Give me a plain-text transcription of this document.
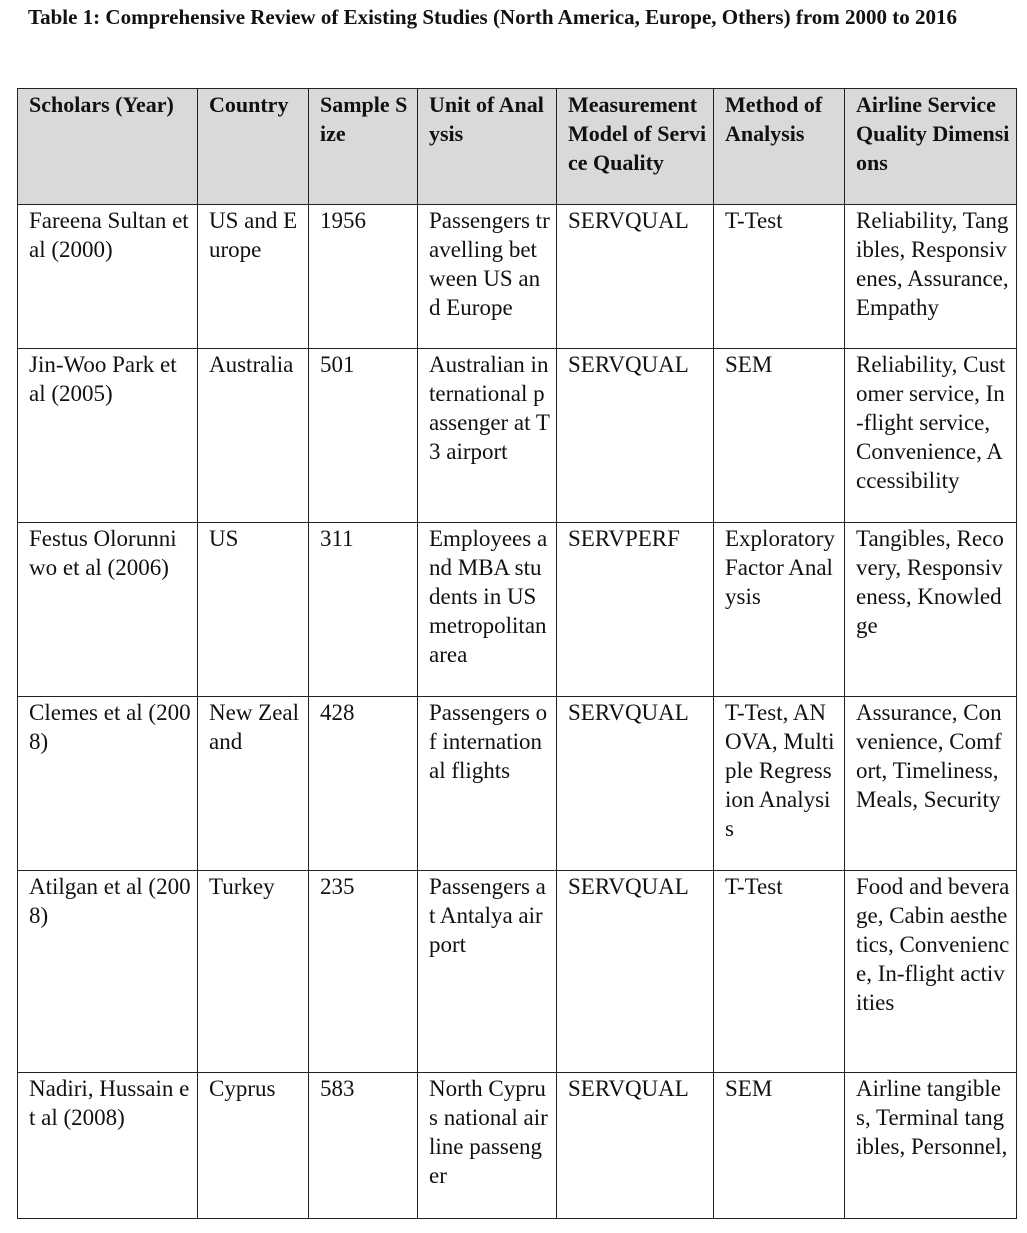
Table 1: Comprehensive Review of Existing Studies (North America, Europe, Others) from 2000 to 2016

Scholars (Year)	Country	Sample Size	Unit of Analysis	Measurement Model of Service Quality	Method of Analysis	Airline Service Quality Dimensions
Fareena Sultan et al (2000)	US and Europe	1956	Passengers travelling between US and Europe	SERVQUAL	T-Test	Reliability, Tangibles, Responsivenes, Assurance, Empathy
Jin-Woo Park et al (2005)	Australia	501	Australian international passenger at T3 airport	SERVQUAL	SEM	Reliability, Customer service, In-flight service, Convenience, Accessibility
Festus Olorunniwo et al (2006)	US	311	Employees and MBA students in US metropolitan area	SERVPERF	Exploratory Factor Analysis	Tangibles, Recovery, Responsiveness, Knowledge
Clemes et al (2008)	New Zealand	428	Passengers of international flights	SERVQUAL	T-Test, ANOVA, Multiple Regression Analysis	Assurance, Convenience, Comfort, Timeliness, Meals, Security
Atilgan et al (2008)	Turkey	235	Passengers at Antalya airport	SERVQUAL	T-Test	Food and beverage, Cabin aesthetics, Convenience, In-flight activities
Nadiri, Hussain et al (2008)	Cyprus	583	North Cyprus national airline passenger	SERVQUAL	SEM	Airline tangibles, Terminal tangibles, Personnel,
